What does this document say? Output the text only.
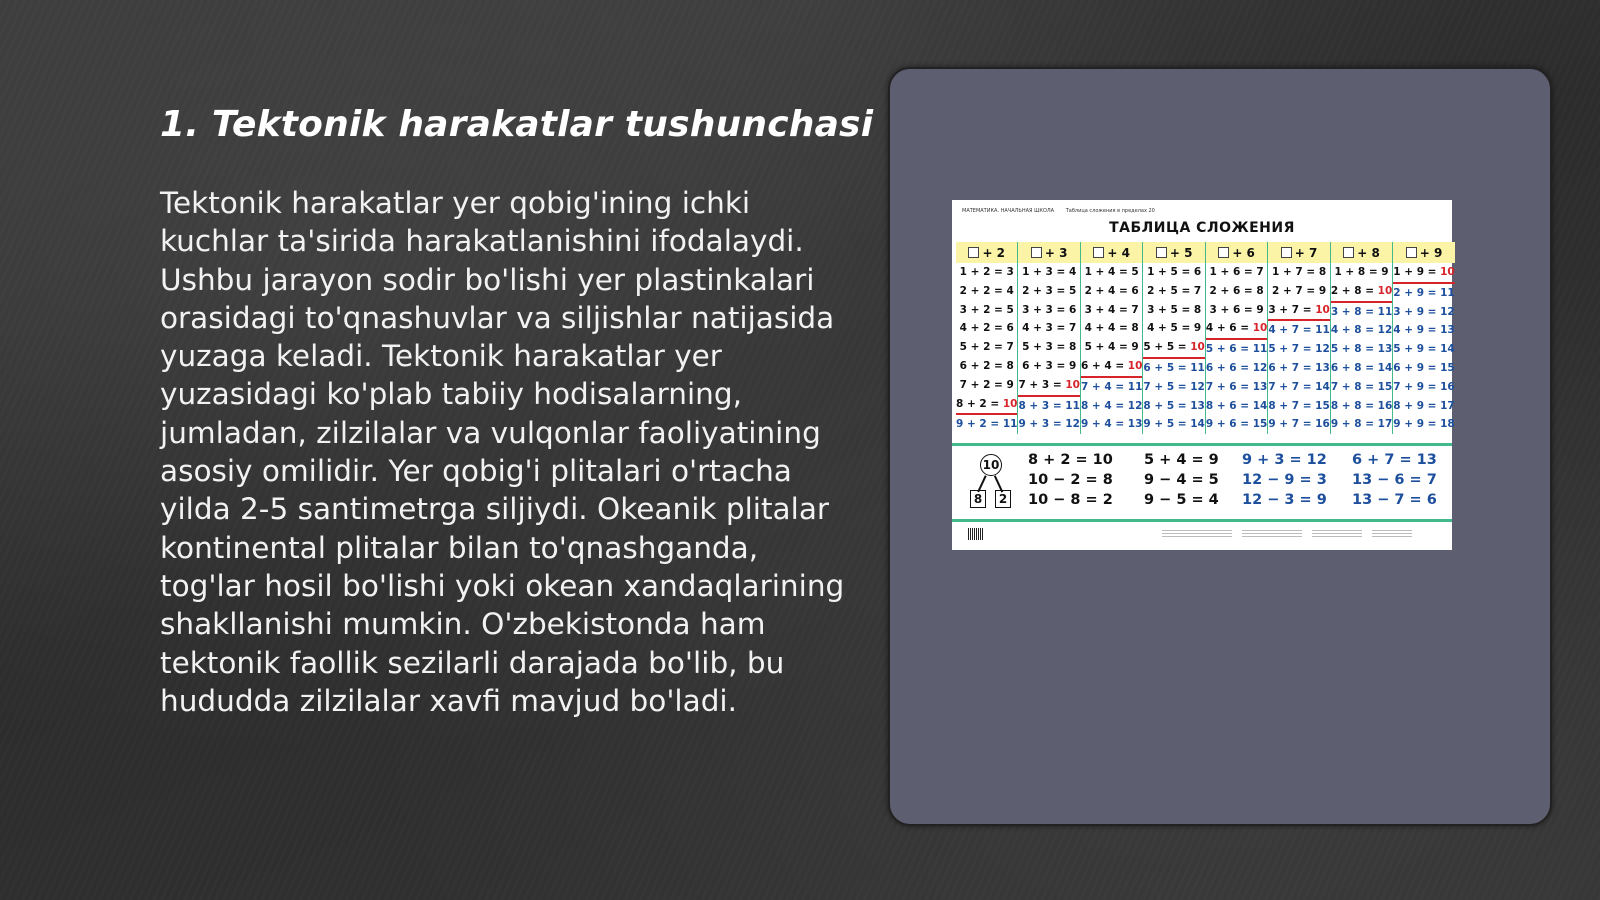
1. Tektonik harakatlar tushunchasi

Tektonik harakatlar yer qobig'ining ichki kuchlar ta'sirida harakatlanishini ifodalaydi. Ushbu jarayon sodir bo'lishi yer plastinkalari orasidagi to'qnashuvlar va siljishlar natijasida yuzaga keladi. Tektonik harakatlar yer yuzasidagi ko'plab tabiiy hodisalarning, jumladan, zilzilalar va vulqonlar faoliyatining asosiy omilidir. Yer qobig'i plitalari o'rtacha yilda 2-5 santimetrga siljiydi. Okeanik plitalar kontinental plitalar bilan to'qnashganda, tog'lar hosil bo'lishi yoki okean xandaqlarining shakllanishi mumkin. O'zbekistonda ham tektonik faollik sezilarli darajada bo'lib, bu hududda zilzilalar xavfi mavjud bo'ladi.

МАТЕМАТИКА. НАЧАЛЬНАЯ ШКОЛА Таблица сложения в пределах 20
ТАБЛИЦА СЛОЖЕНИЯ
+ 2
1 + 2 = 3
2 + 2 = 4
3 + 2 = 5
4 + 2 = 6
5 + 2 = 7
6 + 2 = 8
7 + 2 = 9
8 + 2 = 10
9 + 2 = 11
+ 3
1 + 3 = 4
2 + 3 = 5
3 + 3 = 6
4 + 3 = 7
5 + 3 = 8
6 + 3 = 9
7 + 3 = 10
8 + 3 = 11
9 + 3 = 12
+ 4
1 + 4 = 5
2 + 4 = 6
3 + 4 = 7
4 + 4 = 8
5 + 4 = 9
6 + 4 = 10
7 + 4 = 11
8 + 4 = 12
9 + 4 = 13
+ 5
1 + 5 = 6
2 + 5 = 7
3 + 5 = 8
4 + 5 = 9
5 + 5 = 10
6 + 5 = 11
7 + 5 = 12
8 + 5 = 13
9 + 5 = 14
+ 6
1 + 6 = 7
2 + 6 = 8
3 + 6 = 9
4 + 6 = 10
5 + 6 = 11
6 + 6 = 12
7 + 6 = 13
8 + 6 = 14
9 + 6 = 15
+ 7
1 + 7 = 8
2 + 7 = 9
3 + 7 = 10
4 + 7 = 11
5 + 7 = 12
6 + 7 = 13
7 + 7 = 14
8 + 7 = 15
9 + 7 = 16
+ 8
1 + 8 = 9
2 + 8 = 10
3 + 8 = 11
4 + 8 = 12
5 + 8 = 13
6 + 8 = 14
7 + 8 = 15
8 + 8 = 16
9 + 8 = 17
+ 9
1 + 9 = 10
2 + 9 = 11
3 + 9 = 12
4 + 9 = 13
5 + 9 = 14
6 + 9 = 15
7 + 9 = 16
8 + 9 = 17
9 + 9 = 18
10
8	2
8 + 2 = 10
10 − 2 = 8
10 − 8 = 2
5 + 4 = 9
9 − 4 = 5
9 − 5 = 4
9 + 3 = 12
12 − 9 = 3
12 − 3 = 9
6 + 7 = 13
13 − 6 = 7
13 − 7 = 6
